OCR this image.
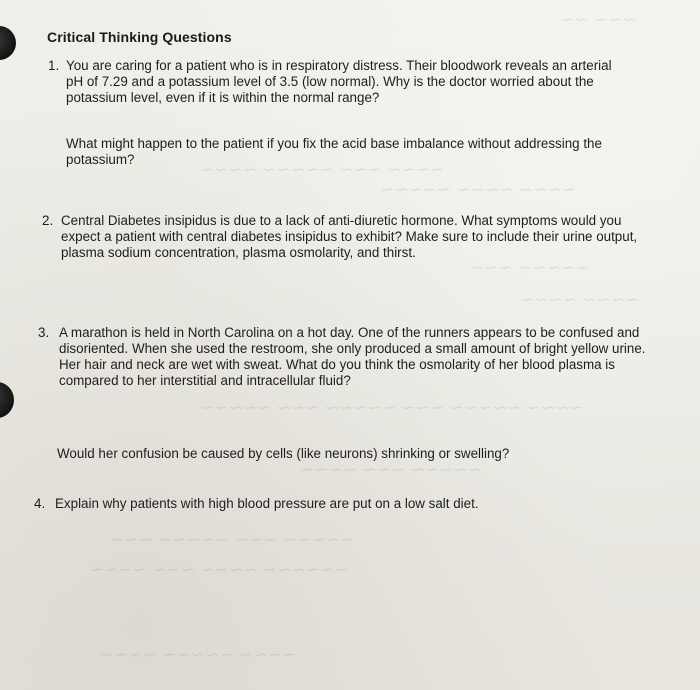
~~~ ~~
~~~~ ~~~ ~~~~~ ~~~~
~~~~ ~~~~ ~~~~~
~~~~~ ~~~
~~~~ ~~~~
~~~ ~~~~~ ~~~ ~~~~~ ~~~~ ~~~~~
~~~~~ ~~~ ~~~~
~~~~~ ~~~ ~~~~~ ~~~
~~~~~~ ~~~~ ~~~ ~~~~
~~~~ ~~~~~ ~~~~
Critical Thinking Questions
1. You are caring for a patient who is in respiratory distress. Their bloodwork reveals an arterial pH of 7.29 and a potassium level of 3.5 (low normal). Why is the doctor worried about the potassium level, even if it is within the normal range?
What might happen to the patient if you fix the acid base imbalance without addressing the potassium?
2. Central Diabetes insipidus is due to a lack of anti-diuretic hormone. What symptoms would you expect a patient with central diabetes insipidus to exhibit? Make sure to include their urine output, plasma sodium concentration, plasma osmolarity, and thirst.
3. A marathon is held in North Carolina on a hot day. One of the runners appears to be confused and disoriented. When she used the restroom, she only produced a small amount of bright yellow urine. Her hair and neck are wet with sweat. What do you think the osmolarity of her blood plasma is compared to her interstitial and intracellular fluid?
Would her confusion be caused by cells (like neurons) shrinking or swelling?
4. Explain why patients with high blood pressure are put on a low salt diet.
